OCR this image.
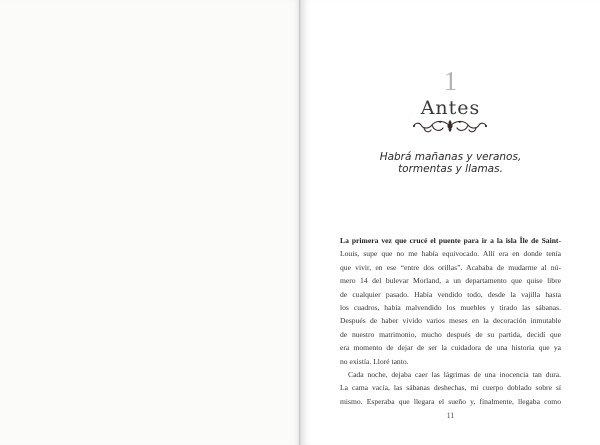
1
Antes
Habrá mañanas y veranos,
tormentas y llamas.
La primera vez que crucé el puente para ir a la isla Île de Saint-
Louis, supe que no me había equivocado. Allí era en donde tenía
que vivir, en ese “entre dos orillas”. Acababa de mudarme al nú-
mero 14 del bulevar Morland, a un departamento que quise libre
de cualquier pasado. Había vendido todo, desde la vajilla hasta
los cuadros, había malvendido los muebles y tirado las sábanas.
Después de haber vivido varios meses en la decoración inmutable
de nuestro matrimonio, mucho después de su partida, decidí que
era momento de dejar de ser la cuidadora de una historia que ya
no existía. Lloré tanto.
Cada noche, dejaba caer las lágrimas de una inocencia tan dura.
La cama vacía, las sábanas deshechas, mi cuerpo doblado sobre sí
mismo. Esperaba que llegara el sueño y, finalmente, llegaba como
11
